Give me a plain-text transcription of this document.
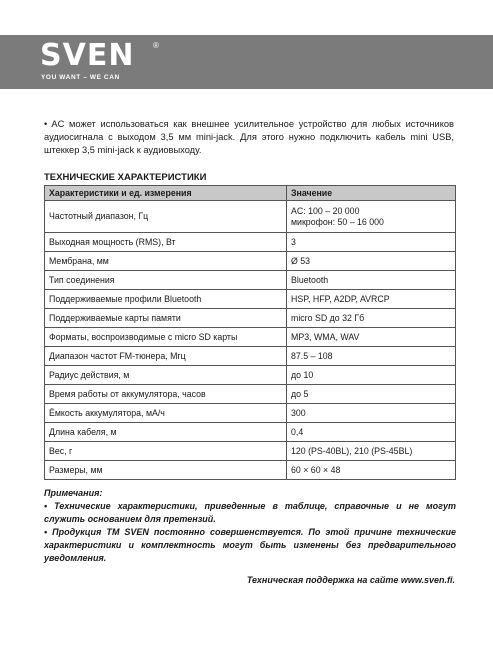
SVEN ®
YOU WANT – WE CAN

• AC может использоваться как внешнее усилительное устройство для любых источников аудиосигнала с выходом 3,5 мм mini-jack. Для этого нужно подключить кабель mini USB, штеккер 3,5 mini-jack к аудиовыходу.

ТЕХНИЧЕСКИЕ ХАРАКТЕРИСТИКИ
Характеристики и ед. измерения	Значение
Частотный диапазон, Гц	AC: 100 – 20 000
микрофон: 50 – 16 000
Выходная мощность (RMS), Вт	3
Мембрана, мм	Ø 53
Тип соединения	Bluetooth
Поддерживаемые профили Bluetooth	HSP, HFP, A2DP, AVRCP
Поддерживаемые карты памяти	micro SD до 32 Гб
Форматы, воспроизводимые с micro SD карты	MP3, WMA, WAV
Диапазон частот FM-тюнера, Мгц	87.5 – 108
Радиус действия, м	до 10
Время работы от аккумулятора, часов	до 5
Ёмкость аккумулятора, мА/ч	300
Длина кабеля, м	0,4
Вес, г	120 (PS-40BL), 210 (PS-45BL)
Размеры, мм	60 × 60 × 48

Примечания:

• Технические характеристики, приведенные в таблице, справочные и не могут служить основанием для претензий.

• Продукция ТМ SVEN постоянно совершенствуется. По этой причине технические характеристики и комплектность могут быть изменены без предварительного уведомления.

Техническая поддержка на сайте www.sven.fi.
